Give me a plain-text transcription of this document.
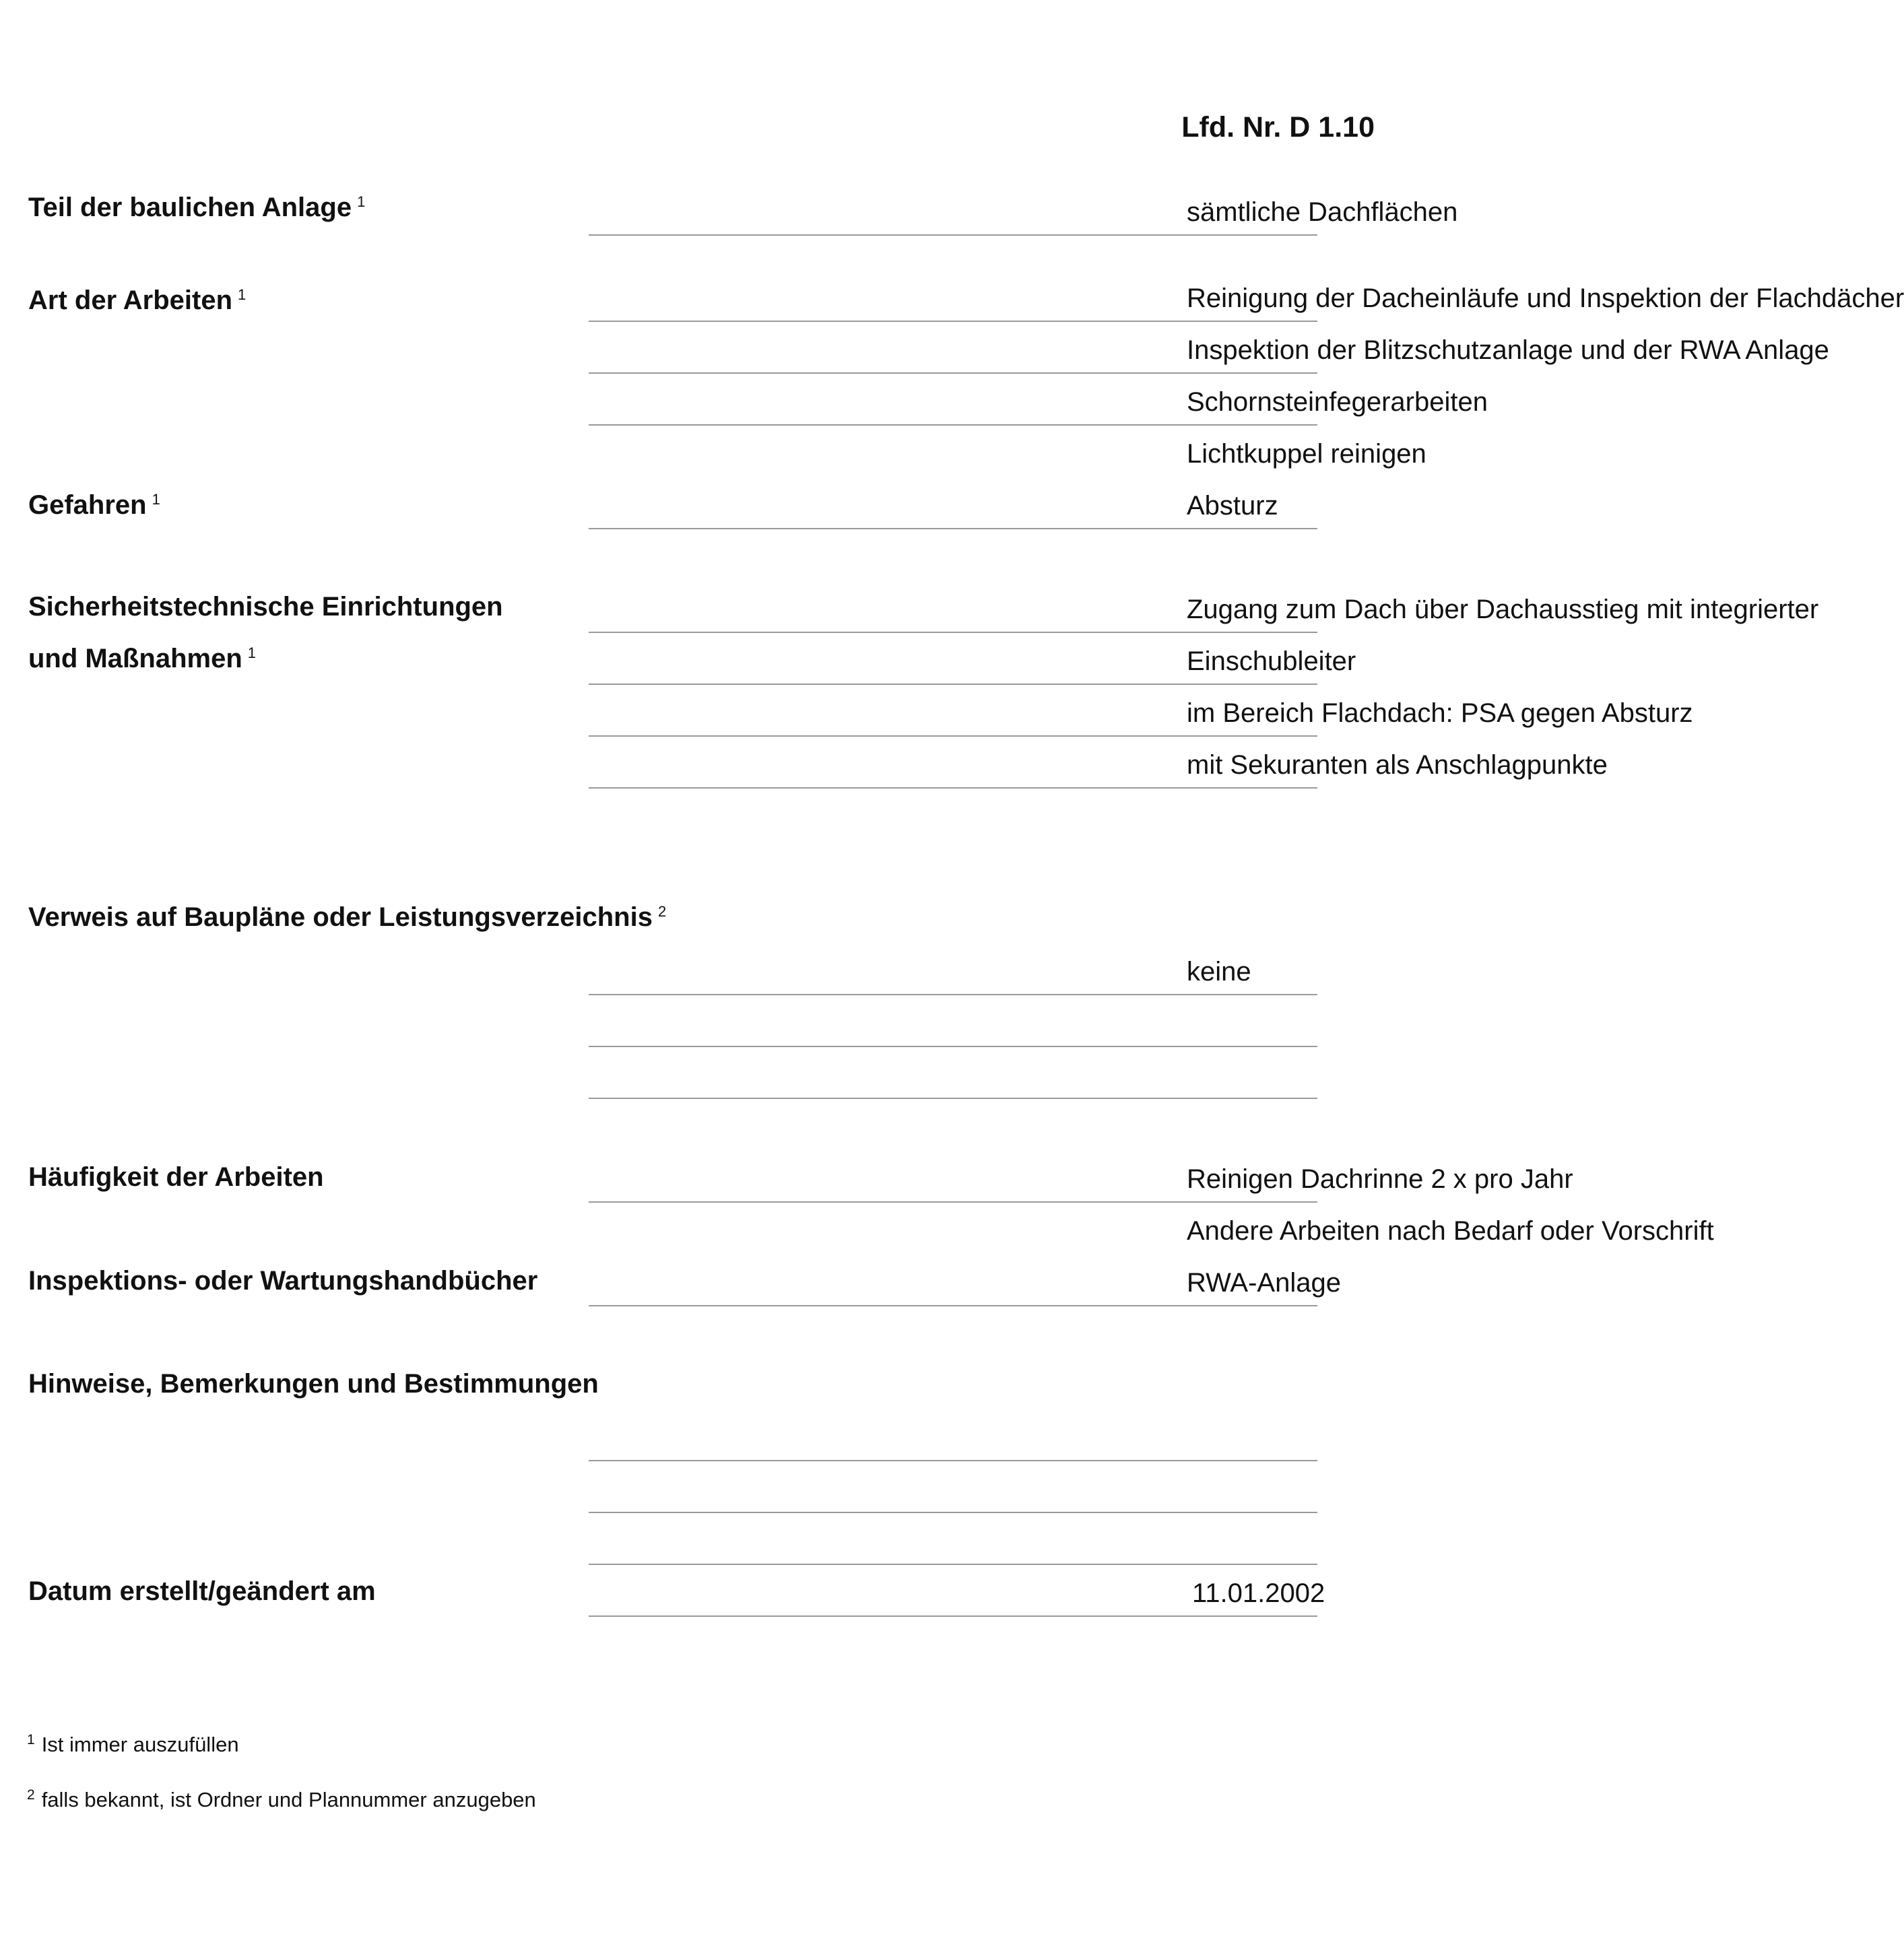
Lfd. Nr. D 1.10
Teil der baulichen Anlage $^1$	sämtliche Dachflächen
Art der Arbeiten $^1$	Reinigung der Dacheinläufe und Inspektion der Flachdächer
Inspektion der Blitzschutzanlage und der RWA Anlage
Schornsteinfegerarbeiten
Lichtkuppel reinigen
Gefahren $^1$	Absturz
Sicherheitstechnische Einrichtungen
und Maßnahmen $^1$
Zugang zum Dach über Dachausstieg mit integrierter
Einschubleiter
im Bereich Flachdach: PSA gegen Absturz
mit Sekuranten als Anschlagpunkte
Verweis auf Baupläne oder Leistungsverzeichnis $^2$
keine
Häufigkeit der Arbeiten	Reinigen Dachrinne 2 x pro Jahr
Andere Arbeiten nach Bedarf oder Vorschrift
Inspektions- oder Wartungshandbücher	RWA-Anlage
Hinweise, Bemerkungen und Bestimmungen
Datum erstellt/geändert am	11.01.2002
$^1$ Ist immer auszufüllen
$^2$ falls bekannt, ist Ordner und Plannummer anzugeben
